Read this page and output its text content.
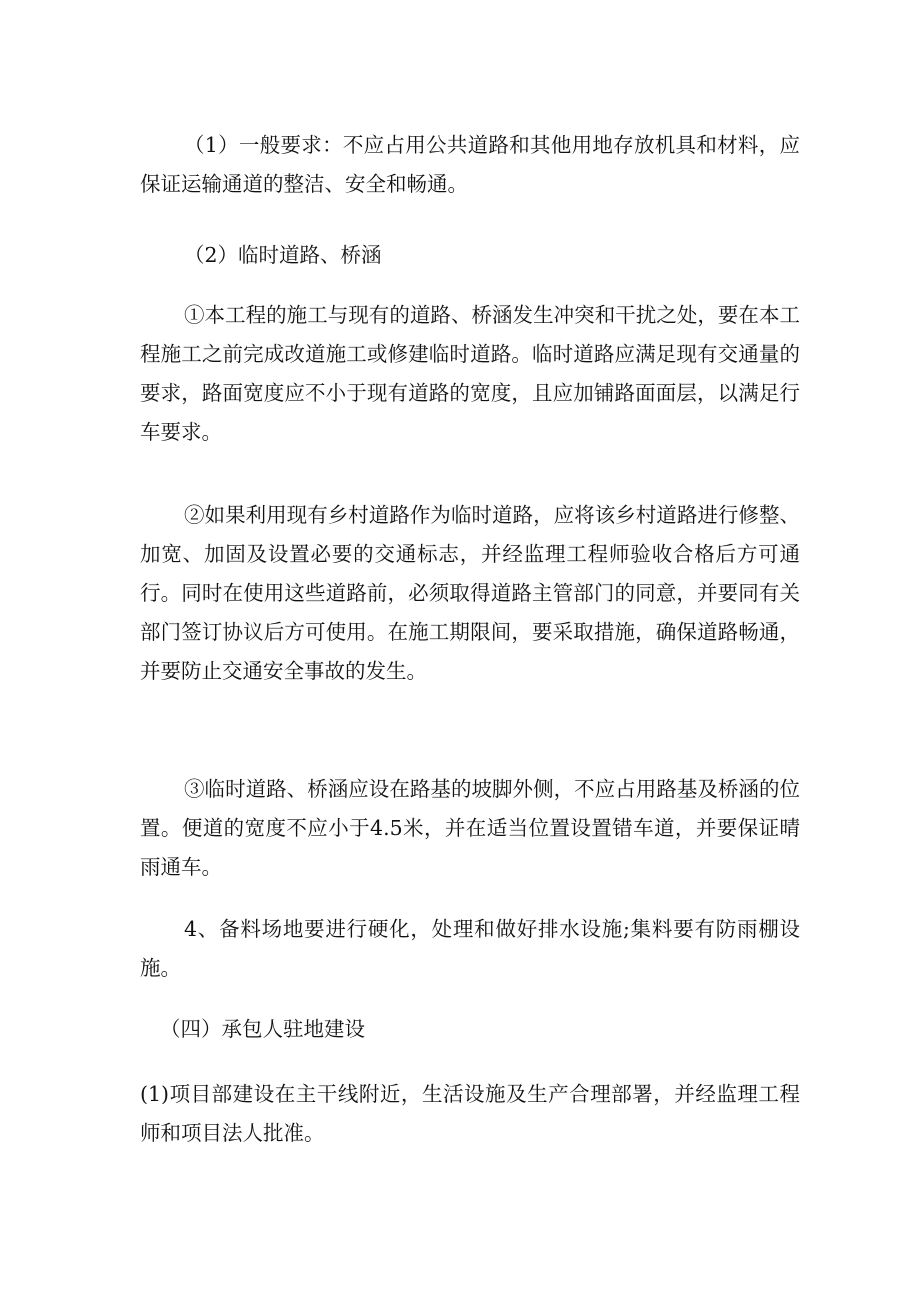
（1）一般要求：不应占用公共道路和其他用地存放机具和材料，应保证运输通道的整洁、安全和畅通。

（2）临时道路、桥涵

①本工程的施工与现有的道路、桥涵发生冲突和干扰之处，要在本工程施工之前完成改道施工或修建临时道路。临时道路应满足现有交通量的要求，路面宽度应不小于现有道路的宽度，且应加铺路面面层，以满足行车要求。

②如果利用现有乡村道路作为临时道路，应将该乡村道路进行修整、加宽、加固及设置必要的交通标志，并经监理工程师验收合格后方可通行。同时在使用这些道路前，必须取得道路主管部门的同意，并要同有关部门签订协议后方可使用。在施工期限间，要采取措施，确保道路畅通，并要防止交通安全事故的发生。

③临时道路、桥涵应设在路基的坡脚外侧，不应占用路基及桥涵的位置。便道的宽度不应小于4.5米，并在适当位置设置错车道，并要保证晴雨通车。

4、备料场地要进行硬化，处理和做好排水设施;集料要有防雨棚设施。

（四）承包人驻地建设

(1)项目部建设在主干线附近，生活设施及生产合理部署，并经监理工程师和项目法人批准。
